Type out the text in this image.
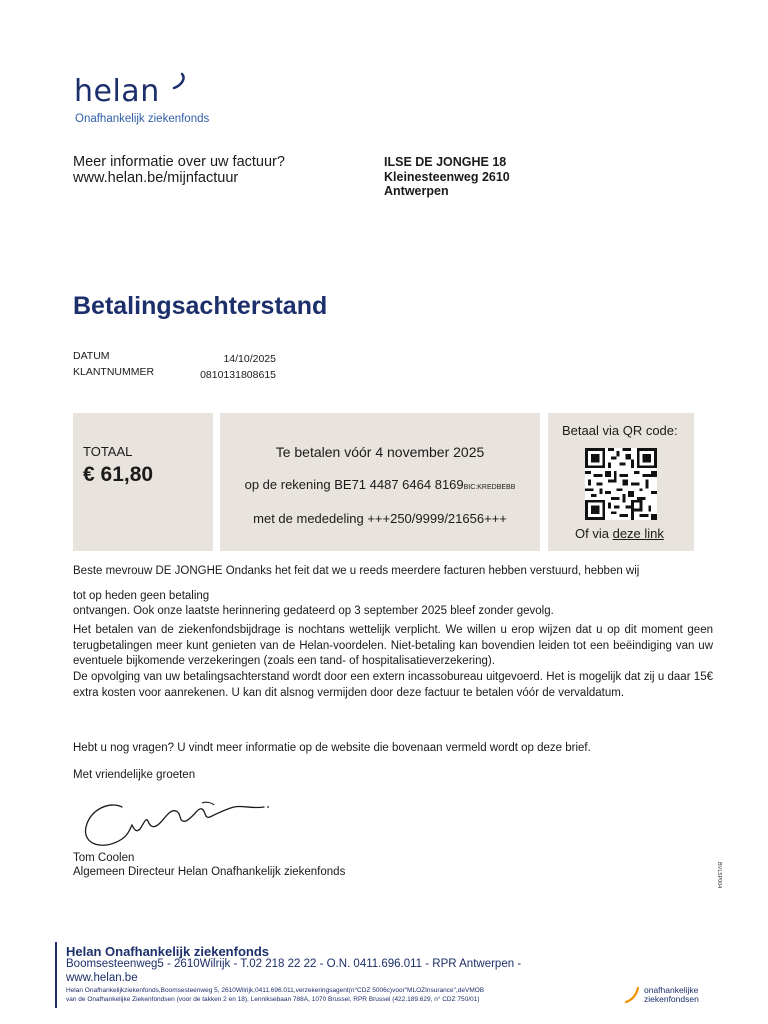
helan
Onafhankelijk ziekenfonds
Meer informatie over uw factuur?
www.helan.be/mijnfactuur
ILSE DE JONGHE 18
Kleinesteenweg 2610
Antwerpen
Betalingsachterstand
DATUM	14/10/2025
KLANTNUMMER	0810131808615
TOTAAL
€ 61,80
Te betalen vóór 4 november 2025
op de rekening BE71 4487 6464 8169BIC:KREDBEBB
met de mededeling +++250/9999/21656+++
Betaal via QR code:
Of via deze link
Beste mevrouw DE JONGHE Ondanks het feit dat we u reeds meerdere facturen hebben verstuurd, hebben wij
tot op heden geen betaling
ontvangen. Ook onze laatste herinnering gedateerd op 3 september 2025 bleef zonder gevolg.
Het betalen van de ziekenfondsbijdrage is nochtans wettelijk verplicht. We willen u erop wijzen dat u op dit moment geen terugbetalingen meer kunt genieten van de Helan-voordelen. Niet-betaling kan bovendien leiden tot een beëindiging van uw eventuele bijkomende verzekeringen (zoals een tand- of hospitalisatieverzekering).
De opvolging van uw betalingsachterstand wordt door een extern incassobureau uitgevoerd. Het is mogelijk dat zij u daar 15€ extra kosten voor aanrekenen. U kan dit alsnog vermijden door deze factuur te betalen vóór de vervaldatum.
Hebt u nog vragen? U vindt meer informatie op de website die bovenaan vermeld wordt op deze brief.
Met vriendelijke groeten
Tom Coolen
Algemeen Directeur Helan Onafhankelijk ziekenfonds	BVL5P004
Helan Onafhankelijk ziekenfonds
Boomsesteenweg5 - 2610Wilrijk - T.02 218 22 22 - O.N. 0411.696.011 - RPR Antwerpen - www.helan.be
Helan Onafhankelijkziekenfonds,Boomsesteenweg 5, 2610Wilrijk,0411.696.011,verzekeringsagent(n°CDZ 5006c)voor"MLOZInsurance",deVMOB
van de Onafhankelijke Ziekenfondsen (voor de takken 2 en 18), Lenniksebaan 788A, 1070 Brussel, RPR Brussel (422.189.629, n° CDZ 750/01)
onafhankelijke
ziekenfondsen
